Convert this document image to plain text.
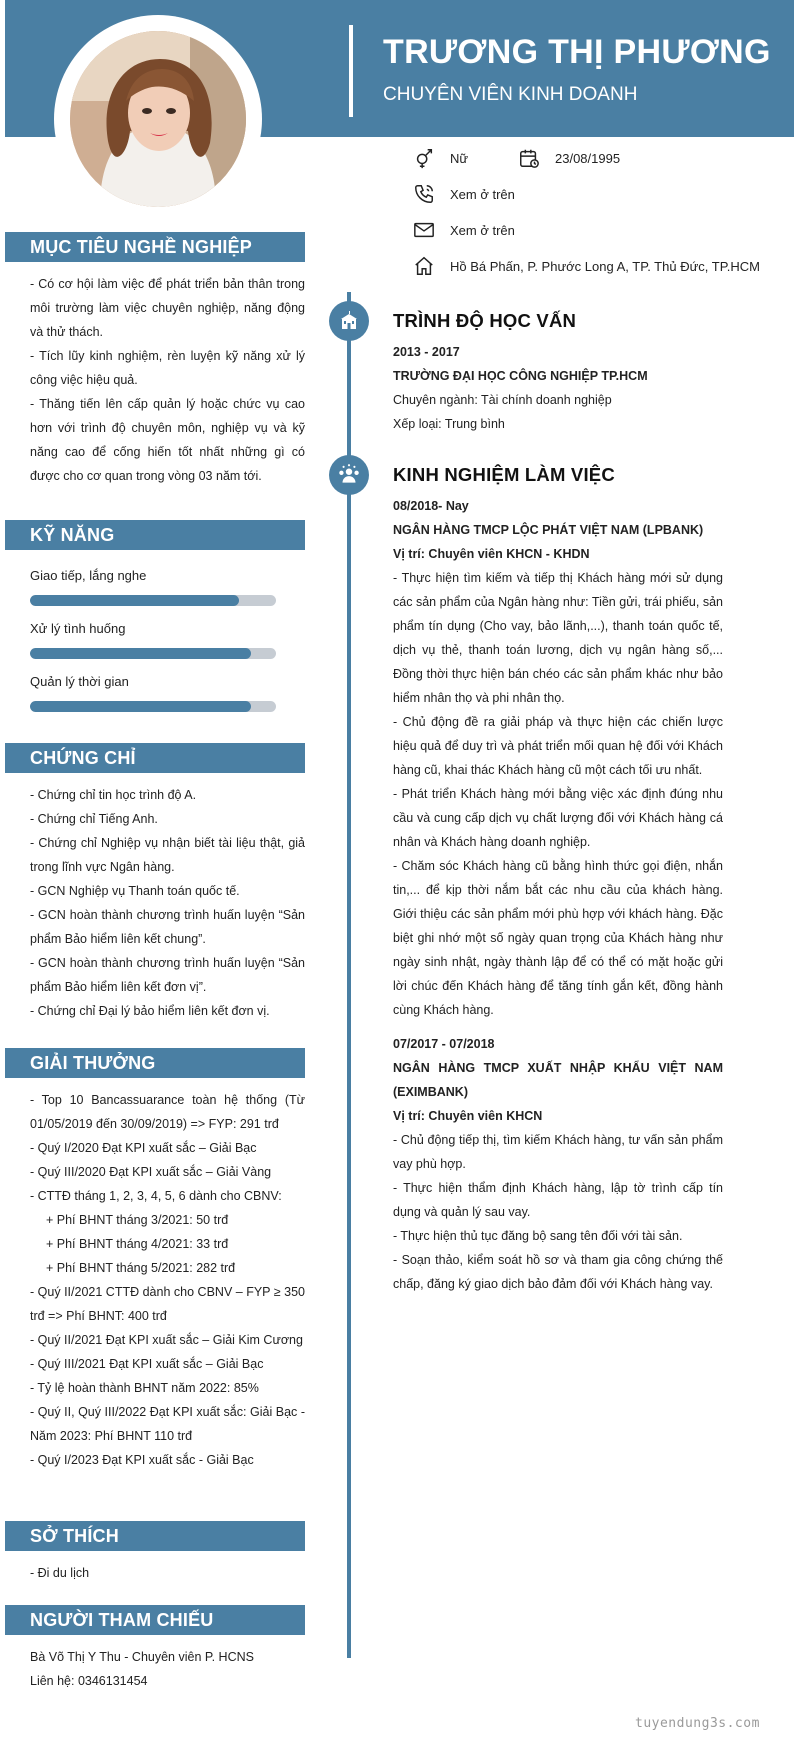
TRƯƠNG THỊ PHƯƠNG
CHUYÊN VIÊN KINH DOANH
Nữ	23/08/1995
Xem ở trên
Xem ở trên
Hồ Bá Phấn, P. Phước Long A, TP. Thủ Đức, TP.HCM
MỤC TIÊU NGHỀ NGHIỆP

- Có cơ hội làm việc để phát triển bản thân trong môi trường làm việc chuyên nghiệp, năng động và thử thách.

- Tích lũy kinh nghiệm, rèn luyện kỹ năng xử lý công việc hiệu quả.

- Thăng tiến lên cấp quản lý hoặc chức vụ cao hơn với trình độ chuyên môn, nghiệp vụ và kỹ năng cao để cống hiến tốt nhất những gì có được cho cơ quan trong vòng 03 năm tới.

KỸ NĂNG
Giao tiếp, lắng nghe
Xử lý tình huống
Quản lý thời gian
CHỨNG CHỈ

- Chứng chỉ tin học trình độ A.

- Chứng chỉ Tiếng Anh.

- Chứng chỉ Nghiệp vụ nhận biết tài liệu thật, giả trong lĩnh vực Ngân hàng.

- GCN Nghiệp vụ Thanh toán quốc tế.

- GCN hoàn thành chương trình huấn luyện “Sản phẩm Bảo hiểm liên kết chung”.

- GCN hoàn thành chương trình huấn luyện “Sản phẩm Bảo hiểm liên kết đơn vị”.

- Chứng chỉ Đại lý bảo hiểm liên kết đơn vị.

GIẢI THƯỞNG

- Top 10 Bancassuarance toàn hệ thống (Từ 01/05/2019 đến 30/09/2019) => FYP: 291 trđ

- Quý I/2020 Đạt KPI xuất sắc – Giải Bạc

- Quý III/2020 Đạt KPI xuất sắc – Giải Vàng

- CTTĐ tháng 1, 2, 3, 4, 5, 6 dành cho CBNV:

+ Phí BHNT tháng 3/2021: 50 trđ

+ Phí BHNT tháng 4/2021: 33 trđ

+ Phí BHNT tháng 5/2021: 282 trđ

- Quý II/2021 CTTĐ dành cho CBNV – FYP ≥ 350 trđ => Phí BHNT: 400 trđ

- Quý II/2021 Đạt KPI xuất sắc – Giải Kim Cương

- Quý III/2021 Đạt KPI xuất sắc – Giải Bạc

- Tỷ lệ hoàn thành BHNT năm 2022: 85%

- Quý II, Quý III/2022 Đạt KPI xuất sắc: Giải Bạc - Năm 2023: Phí BHNT 110 trđ

- Quý I/2023 Đạt KPI xuất sắc - Giải Bạc

SỞ THÍCH

- Đi du lịch

NGƯỜI THAM CHIẾU

Bà Võ Thị Y Thu - Chuyên viên P. HCNS

Liên hệ: 0346131454

TRÌNH ĐỘ HỌC VẤN
2013 - 2017
TRƯỜNG ĐẠI HỌC CÔNG NGHIỆP TP.HCM
Chuyên ngành: Tài chính doanh nghiệp
Xếp loại: Trung bình
KINH NGHIỆM LÀM VIỆC
08/2018- Nay
NGÂN HÀNG TMCP LỘC PHÁT VIỆT NAM (LPBANK)
Vị trí: Chuyên viên KHCN - KHDN
- Thực hiện tìm kiếm và tiếp thị Khách hàng mới sử dụng các sản phẩm của Ngân hàng như: Tiền gửi, trái phiếu, sản phẩm tín dụng (Cho vay, bảo lãnh,...), thanh toán quốc tế, dịch vụ thẻ, thanh toán lương, dịch vụ ngân hàng số,... Đồng thời thực hiện bán chéo các sản phẩm khác như bảo hiểm nhân thọ và phi nhân thọ.
- Chủ động đề ra giải pháp và thực hiện các chiến lược hiệu quả để duy trì và phát triển mối quan hệ đối với Khách hàng cũ, khai thác Khách hàng cũ một cách tối ưu nhất.
- Phát triển Khách hàng mới bằng việc xác định đúng nhu cầu và cung cấp dịch vụ chất lượng đối với Khách hàng cá nhân và Khách hàng doanh nghiệp.
- Chăm sóc Khách hàng cũ bằng hình thức gọi điện, nhắn tin,... để kịp thời nắm bắt các nhu cầu của khách hàng. Giới thiệu các sản phẩm mới phù hợp với khách hàng. Đặc biệt ghi nhớ một số ngày quan trọng của Khách hàng như ngày sinh nhật, ngày thành lập để có thể có mặt hoặc gửi lời chúc đến Khách hàng để tăng tính gắn kết, đồng hành cùng Khách hàng.
07/2017 - 07/2018
NGÂN HÀNG TMCP XUẤT NHẬP KHẨU VIỆT NAM (EXIMBANK)
Vị trí: Chuyên viên KHCN
- Chủ động tiếp thị, tìm kiếm Khách hàng, tư vấn sản phẩm vay phù hợp.
- Thực hiện thẩm định Khách hàng, lập tờ trình cấp tín dụng và quản lý sau vay.
- Thực hiện thủ tục đăng bộ sang tên đối với tài sản.
- Soạn thảo, kiểm soát hồ sơ và tham gia công chứng thế chấp, đăng ký giao dịch bảo đảm đối với Khách hàng vay.
tuyendung3s.com
